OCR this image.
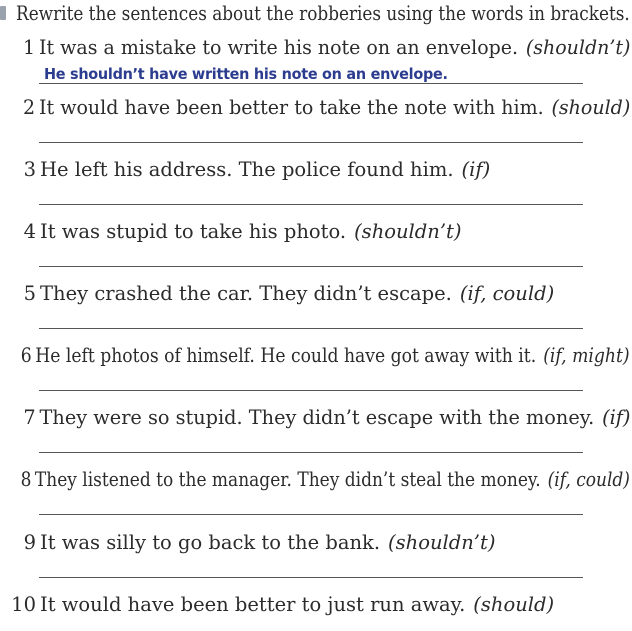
Rewrite the sentences about the robberies using the words in brackets.
1 It was a mistake to write his note on an envelope. (shouldn’t)
He shouldn’t have written his note on an envelope.
2 It would have been better to take the note with him. (should)
3 He left his address. The police found him. (if)
4 It was stupid to take his photo. (shouldn’t)
5 They crashed the car. They didn’t escape. (if, could)
6 He left photos of himself. He could have got away with it. (if, might)
7 They were so stupid. They didn’t escape with the money. (if)
8 They listened to the manager. They didn’t steal the money. (if, could)
9 It was silly to go back to the bank. (shouldn’t)
10 It would have been better to just run away. (should)
